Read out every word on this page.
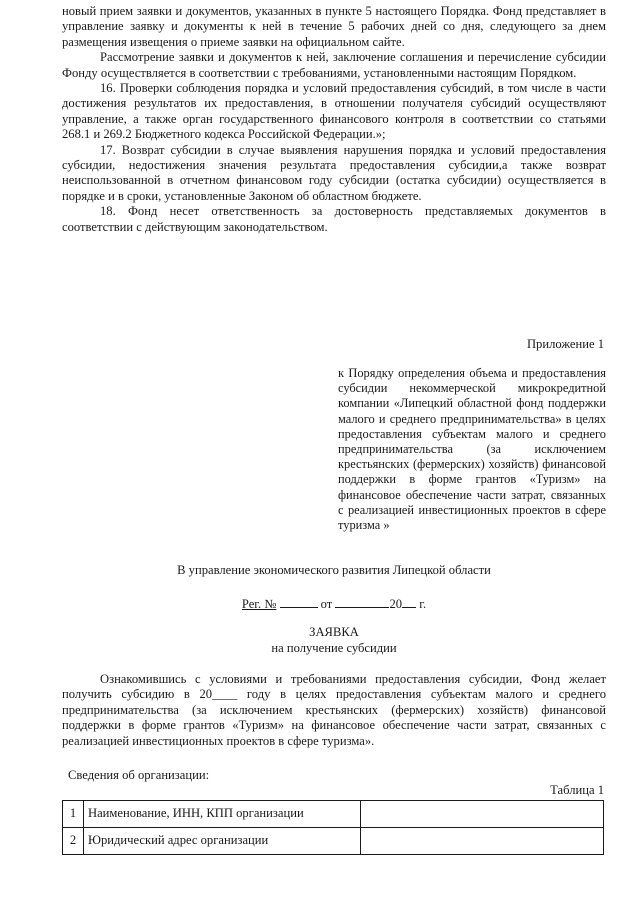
новый прием заявки и документов, указанных в пункте 5 настоящего Порядка. Фонд представляет в управление заявку и документы к ней в течение 5 рабочих дней со дня, следующего за днем размещения извещения о приеме заявки на официальном сайте.

Рассмотрение заявки и документов к ней, заключение соглашения и перечисление субсидии Фонду осуществляется в соответствии с требованиями, установленными настоящим Порядком.

16. Проверки соблюдения порядка и условий предоставления субсидий, в том числе в части достижения результатов их предоставления, в отношении получателя субсидий осуществляют управление, а также орган государственного финансового контроля в соответствии со статьями 268.1 и 269.2 Бюджетного кодекса Российской Федерации.»;

17. Возврат субсидии в случае выявления нарушения порядка и условий предоставления субсидии, недостижения значения результата предоставления субсидии,а также возврат неиспользованной в отчетном финансовом году субсидии (остатка субсидии) осуществляется в порядке и в сроки, установленные Законом об областном бюджете.

18. Фонд несет ответственность за достоверность представляемых документов в соответствии с действующим законодательством.

Приложение 1
к Порядку определения объема и предоставления субсидии некоммерческой микрокредитной компании «Липецкий областной фонд поддержки малого и среднего предпринимательства» в целях предоставления субъектам малого и среднего предпринимательства (за исключением крестьянских (фермерских) хозяйств) финансовой поддержки в форме грантов «Туризм» на финансовое обеспечение части затрат, связанных с реализацией инвестиционных проектов в сфере туризма »
В управление экономического развития Липецкой области
Рег. №	от	20 г.
ЗАЯВКА
на получение субсидии

Ознакомившись с условиями и требованиями предоставления субсидии, Фонд желает получить субсидию в 20____ году в целях предоставления субъектам малого и среднего предпринимательства (за исключением крестьянских (фермерских) хозяйств) финансовой поддержки в форме грантов «Туризм» на финансовое обеспечение части затрат, связанных с реализацией инвестиционных проектов в сфере туризма».

Сведения об организации:
Таблица 1
1	Наименование, ИНН, КПП организации	
2	Юридический адрес организации	
